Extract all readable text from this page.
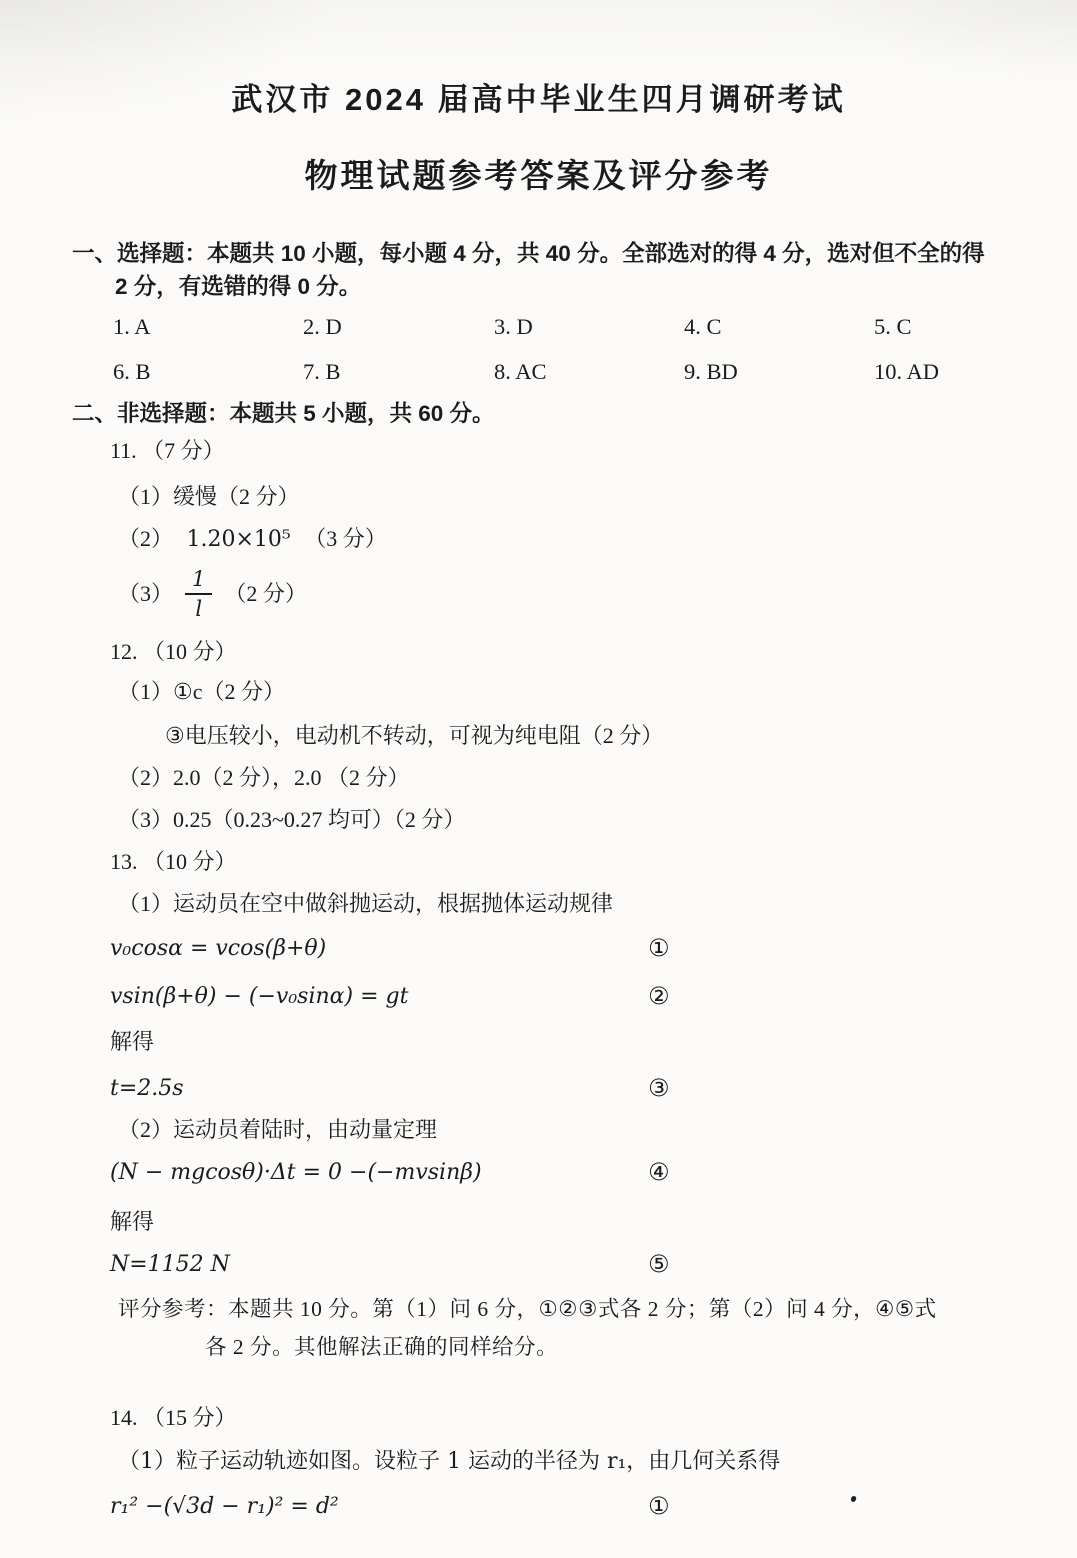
武汉市 2024 届高中毕业生四月调研考试
物理试题参考答案及评分参考
一、选择题：本题共 10 小题，每小题 4 分，共 40 分。全部选对的得 4 分，选对但不全的得
2 分，有选错的得 0 分。
1. A	2. D	3. D	4. C	5. C
6. B	7. B	8. AC	9. BD	10. AD
二、非选择题：本题共 5 小题，共 60 分。
11. （7 分）
（1）缓慢（2 分）
（2） 1.20×10⁵ （3 分）
$(3) \frac{1}{l} (2$ 分）
12. （10 分）
（1）①c（2 分）
③电压较小，电动机不转动，可视为纯电阻（2 分）
（2）2.0（2 分），2.0 （2 分）
（3）0.25（0.23~0.27 均可）（2 分）
13. （10 分）
（1）运动员在空中做斜抛运动，根据抛体运动规律
v₀cosα = vcos(β+θ)	①
vsin(β+θ) − (−v₀sinα) = gt	②
解得
t=2.5s	③
（2）运动员着陆时，由动量定理
(N − mgcosθ)·Δt = 0 −(−mvsinβ)	④
解得
N=1152 N	⑤
评分参考：本题共 10 分。第（1）问 6 分，①②③式各 2 分；第（2）问 4 分，④⑤式
各 2 分。其他解法正确的同样给分。
14. （15 分）
（1）粒子运动轨迹如图。设粒子 1 运动的半径为 r₁，由几何关系得
r₁² −(√3d − r₁)² = d²	①
